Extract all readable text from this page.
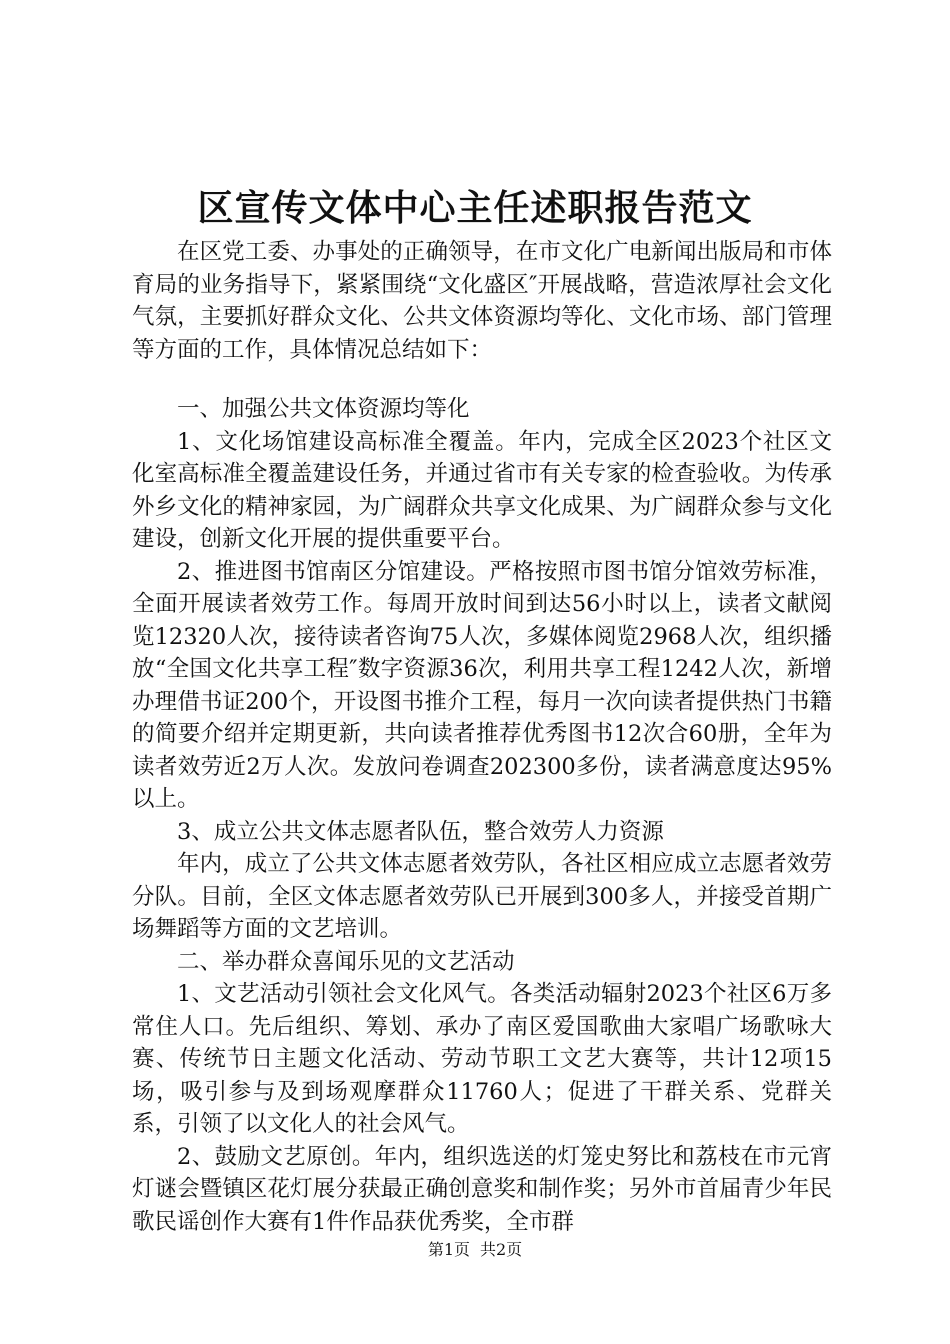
区宣传文体中心主任述职报告范文

在区党工委、办事处的正确领导，在市文化广电新闻出版局和市体育局的业务指导下，紧紧围绕“文化盛区″开展战略，营造浓厚社会文化气氛，主要抓好群众文化、公共文体资源均等化、文化市场、部门管理等方面的工作，具体情况总结如下：

一、加强公共文体资源均等化

1、文化场馆建设高标准全覆盖。年内，完成全区2023个社区文化室高标准全覆盖建设任务，并通过省市有关专家的检查验收。为传承外乡文化的精神家园，为广阔群众共享文化成果、为广阔群众参与文化建设，创新文化开展的提供重要平台。

2、推进图书馆南区分馆建设。严格按照市图书馆分馆效劳标准，全面开展读者效劳工作。每周开放时间到达56小时以上，读者文献阅览12320人次，接待读者咨询75人次，多媒体阅览2968人次，组织播放“全国文化共享工程″数字资源36次，利用共享工程1242人次，新增办理借书证200个，开设图书推介工程，每月一次向读者提供热门书籍的简要介绍并定期更新，共向读者推荐优秀图书12次合60册，全年为读者效劳近2万人次。发放问卷调查202300多份，读者满意度达95%以上。

3、成立公共文体志愿者队伍，整合效劳人力资源

年内，成立了公共文体志愿者效劳队，各社区相应成立志愿者效劳分队。目前，全区文体志愿者效劳队已开展到300多人，并接受首期广场舞蹈等方面的文艺培训。

二、举办群众喜闻乐见的文艺活动

1、文艺活动引领社会文化风气。各类活动辐射2023个社区6万多常住人口。先后组织、筹划、承办了南区爱国歌曲大家唱广场歌咏大赛、传统节日主题文化活动、劳动节职工文艺大赛等，共计12项15场，吸引参与及到场观摩群众11760人；促进了干群关系、党群关系，引领了以文化人的社会风气。

2、鼓励文艺原创。年内，组织选送的灯笼史努比和荔枝在市元宵灯谜会暨镇区花灯展分获最正确创意奖和制作奖；另外市首届青少年民歌民谣创作大赛有1件作品获优秀奖，全市群

第1页 共2页
